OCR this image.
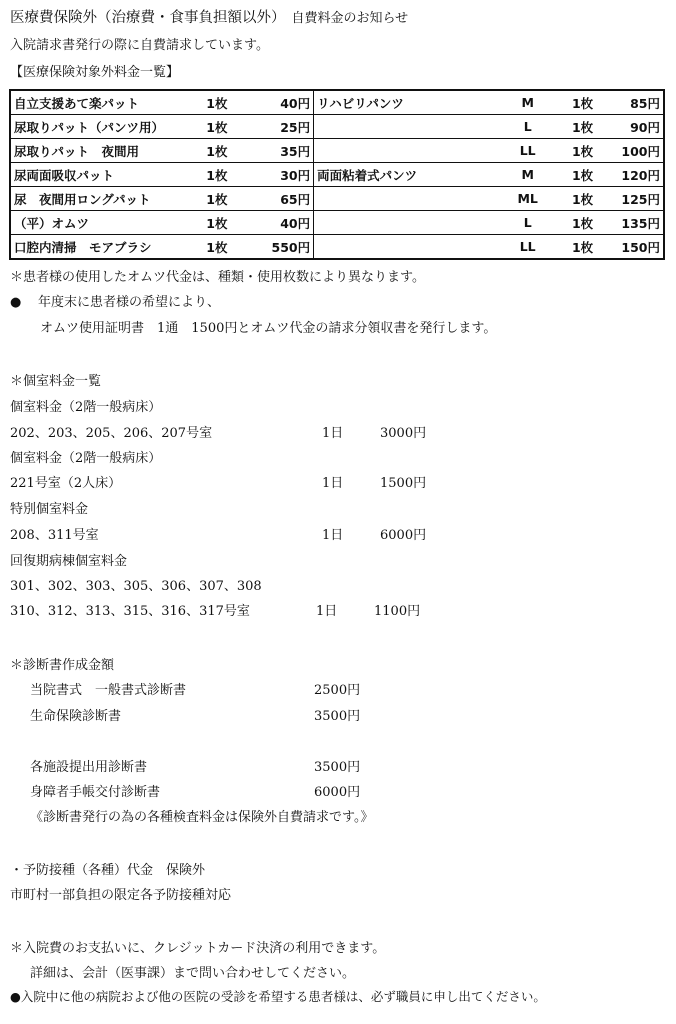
医療費保険外（治療費・食事負担額以外） 自費料金のお知らせ
入院請求書発行の際に自費請求しています。
【医療保険対象外料金一覧】
自立支援あて楽パット	1枚	40円	リハビリパンツ	M	1枚	85円
尿取りパット（パンツ用）	1枚	25円		L	1枚	90円
尿取りパット　夜間用	1枚	35円		LL	1枚	100円
尿両面吸収パット	1枚	30円	両面粘着式パンツ	M	1枚	120円
尿　夜間用ロングパット	1枚	65円		ML	1枚	125円
（平）オムツ	1枚	40円		L	1枚	135円
口腔内清掃　モアブラシ	1枚	550円		LL	1枚	150円
＊患者様の使用したオムツ代金は、種類・使用枚数により異なります。
● 年度末に患者様の希望により、
オムツ使用証明書　1通　1500円とオムツ代金の請求分領収書を発行します。
＊個室料金一覧
個室料金（2階一般病床）
202、203、205、206、207号室	1日	3000円
個室料金（2階一般病床）
221号室（2人床）	1日	1500円
特別個室料金
208、311号室	1日	6000円
回復期病棟個室料金
301、302、303、305、306、307、308
310、312、313、315、316、317号室	1日	1100円
＊診断書作成金額
当院書式　一般書式診断書	2500円
生命保険診断書	3500円
各施設提出用診断書	3500円
身障者手帳交付診断書	6000円
《診断書発行の為の各種検査料金は保険外自費請求です。》
・予防接種（各種）代金　保険外
市町村一部負担の限定各予防接種対応
＊入院費のお支払いに、クレジットカード決済の利用できます。
詳細は、会計（医事課）まで問い合わせしてください。
●入院中に他の病院および他の医院の受診を希望する患者様は、必ず職員に申し出てください。
